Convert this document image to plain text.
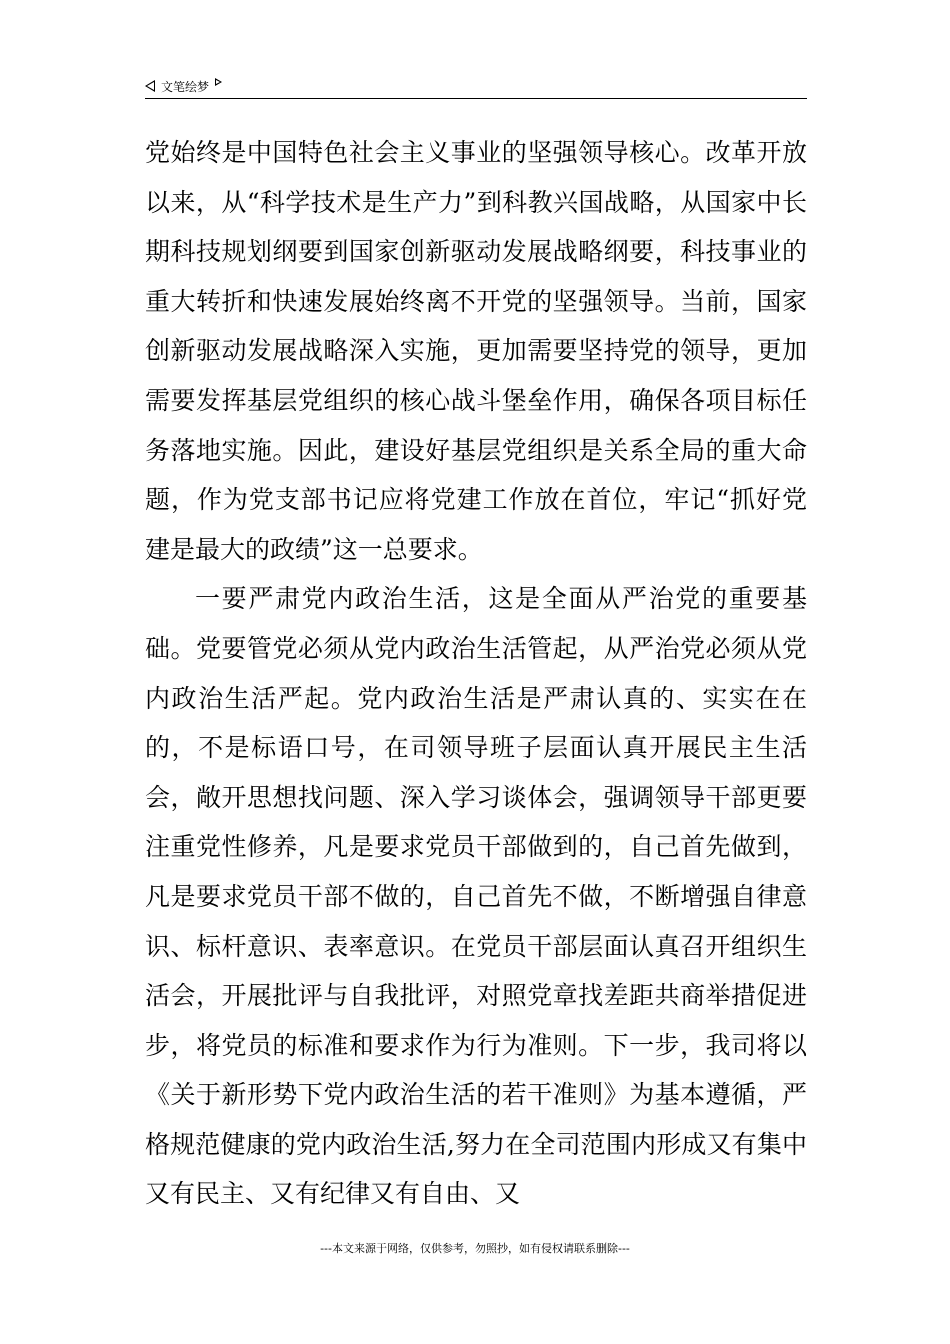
文笔绘梦

党始终是中国特色社会主义事业的坚强领导核心。改革开放以来，从“科学技术是生产力”到科教兴国战略，从国家中长期科技规划纲要到国家创新驱动发展战略纲要，科技事业的重大转折和快速发展始终离不开党的坚强领导。当前，国家创新驱动发展战略深入实施，更加需要坚持党的领导，更加需要发挥基层党组织的核心战斗堡垒作用，确保各项目标任务落地实施。因此，建设好基层党组织是关系全局的重大命题，作为党支部书记应将党建工作放在首位，牢记“抓好党建是最大的政绩”这一总要求。

一要严肃党内政治生活，这是全面从严治党的重要基础。党要管党必须从党内政治生活管起，从严治党必须从党内政治生活严起。党内政治生活是严肃认真的、实实在在的，不是标语口号，在司领导班子层面认真开展民主生活会，敞开思想找问题、深入学习谈体会，强调领导干部更要注重党性修养，凡是要求党员干部做到的，自己首先做到，凡是要求党员干部不做的，自己首先不做，不断增强自律意识、标杆意识、表率意识。在党员干部层面认真召开组织生活会，开展批评与自我批评，对照党章找差距共商举措促进步，将党员的标准和要求作为行为准则。下一步，我司将以《关于新形势下党内政治生活的若干准则》为基本遵循，严格规范健康的党内政治生活,努力在全司范围内形成又有集中又有民主、又有纪律又有自由、又

---本文来源于网络，仅供参考，勿照抄，如有侵权请联系删除---
